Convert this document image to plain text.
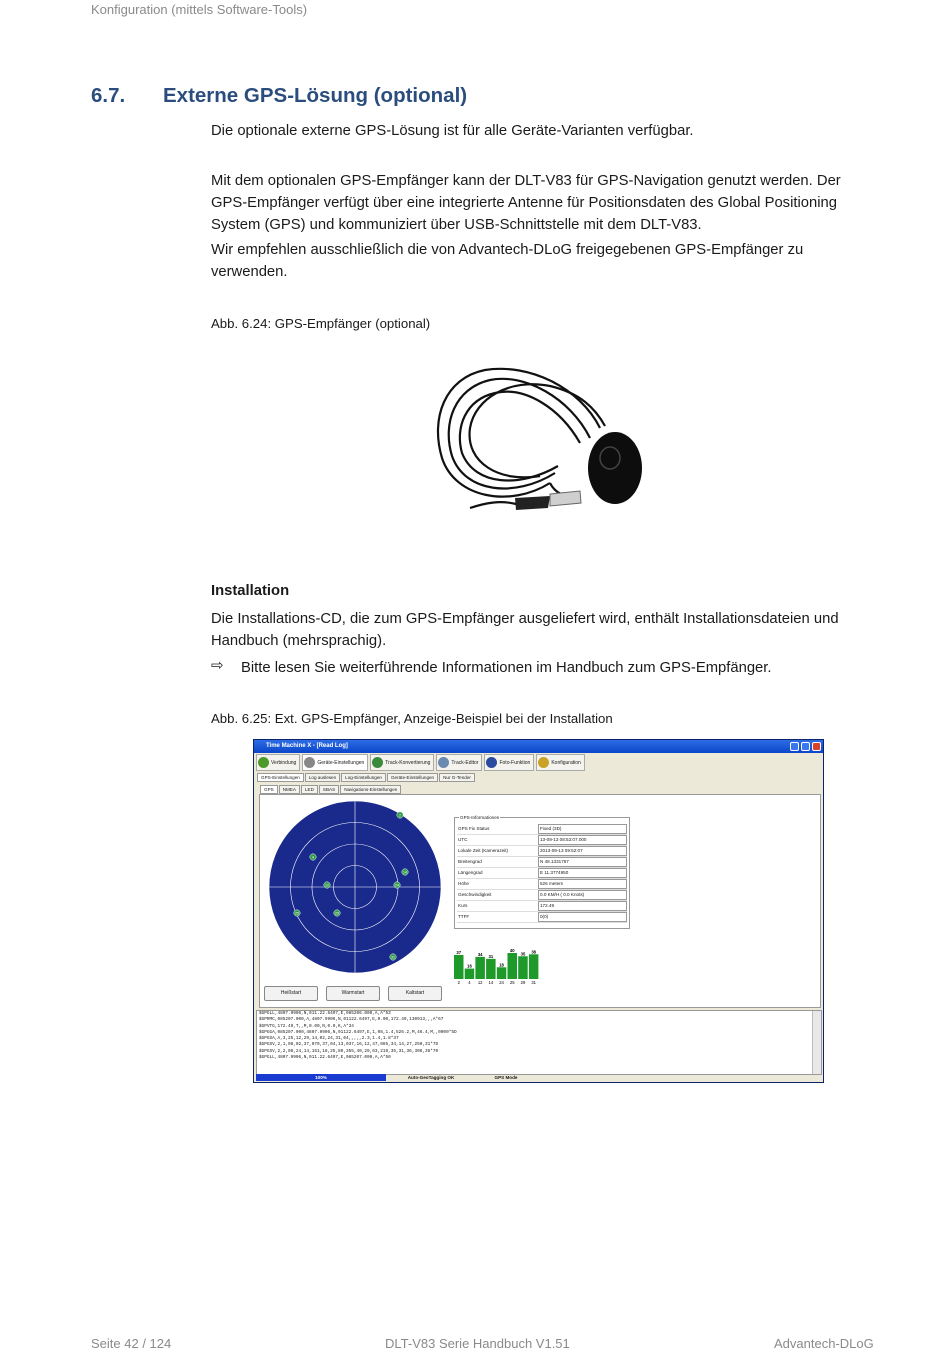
Konfiguration (mittels Software-Tools)
6.7. Externe GPS-Lösung (optional)

Die optionale externe GPS-Lösung ist für alle Geräte-Varianten verfügbar.

Mit dem optionalen GPS-Empfänger kann der DLT-V83 für GPS-Navigation genutzt werden. Der GPS-Empfänger verfügt über eine integrierte Antenne für Positionsdaten des Global Positioning System (GPS) und kommuniziert über USB-Schnittstelle mit dem DLT-V83.

Wir empfehlen ausschließlich die von Advantech-DLoG freigegebenen GPS-Empfänger zu verwenden.

Abb. 6.24: GPS-Empfänger (optional)
Installation

Die Installations-CD, die zum GPS-Empfänger ausgeliefert wird, enthält Installationsdateien und Handbuch (mehrsprachig).

⇨ Bitte lesen Sie weiterführende Informationen im Handbuch zum GPS-Empfänger.
Abb. 6.25: Ext. GPS-Empfänger, Anzeige-Beispiel bei der Installation
Time Machine X - [Read Log]
Verbindung	Geräte-Einstellungen	Track-Konvertierung	Track-Editor	Foto-Funktion	Konfiguration
GPS-Einstellungen	Log auslesen	Log-Einstellungen	Geräte-Einstellungen	Nur G-Tender
GPS	NMEA	LED	SBAS	Navigations-Einstellungen
2
4
12
14
24
25	29
31
GPS-Informationen
GPS Fix Status	Fixed (3D)
UTC	13-09-13 08:52:07.000
Lokale Zeit (Kamerazeit)	2013-09-13 09:52:07
Breitengrad	N 48.1331767
Längengrad	E 11.3774950
Höhe	526 meters
Geschwindigkeit	0.0 KM/H ( 0.0 Knots)
Kurs	172.49
TTFF	0(0)
37
2
16
4
34
12
31
14
18
24
40
25
35
29
38
31
Heißstart	Warmstart	Kaltstart
$GPGLL,4807.9906,N,011.22.6497,E,085206.000,A,A*53
$GPRMC,085207.000,A,4807.9906,N,01122.6497,E,0.00,172.49,130913,,,A*67
$GPVTG,172.49,T,,M,0.00,N,0.0,K,A*34
$GPGGA,085207.000,4807.9906,N,01122.6497,E,1,08,1.4,526.2,M,46.4,M,,0000*5D
$GPGSA,A,3,25,12,29,14,02,24,31,04,,,,,2.3,1.4,1.8*37
$GPGSV,2,1,08,02,37,079,37,04,13,037,16,12,47,085,34,14,27,250,31*7D
$GPGSV,2,2,08,24,14,151,18,25,80,355,40,29,63,219,35,31,36,308,38*70
$GPGLL,4807.9906,N,011.22.6497,E,085207.000,A,A*50
100%	Auto-GeoTagging OK	GPS Mode
Seite 42 / 124	DLT-V83 Serie Handbuch V1.51	Advantech-DLoG
